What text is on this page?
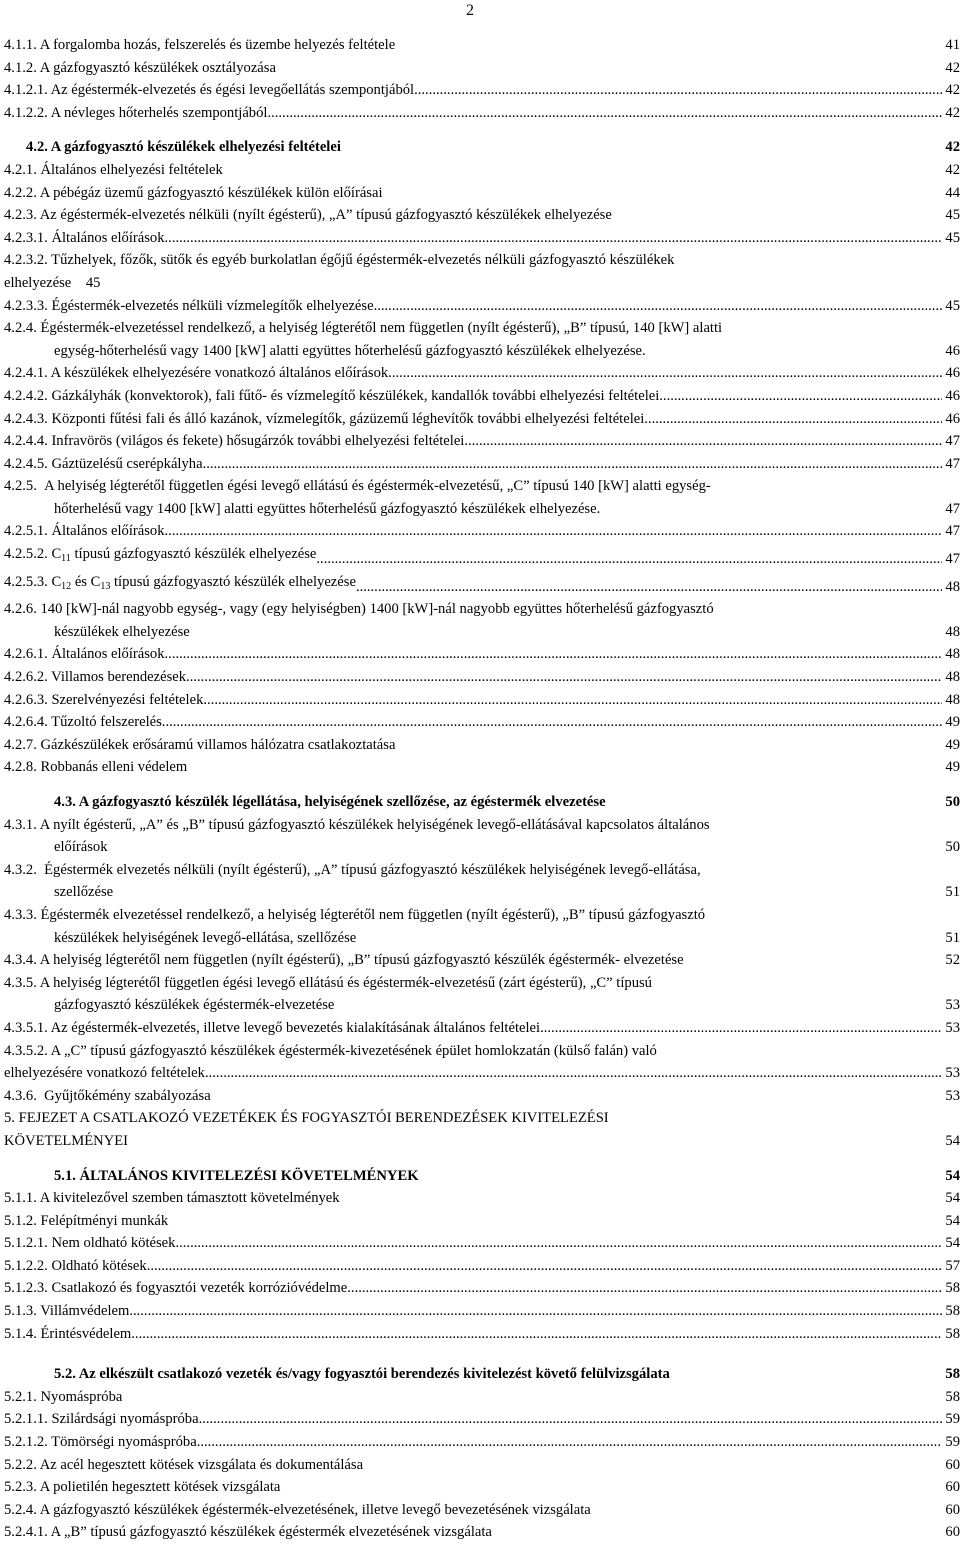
2
4.1.1. A forgalomba hozás, felszerelés és üzembe helyezés feltétele	41
4.1.2. A gázfogyasztó készülékek osztályozása	42
4.1.2.1. Az égéstermék-elvezetés és égési levegőellátás szempontjából .....	42
4.1.2.2. A névleges hőterhelés szempontjából .....	42
4.2. A gázfogyasztó készülékek elhelyezési feltételei	42
4.2.1. Általános elhelyezési feltételek	42
4.2.2. A pébégáz üzemű gázfogyasztó készülékek külön előírásai	44
4.2.3. Az égéstermék-elvezetés nélküli (nyílt égésterű), „A” típusú gázfogyasztó készülékek elhelyezése	45
4.2.3.1. Általános előírások .....	45
4.2.3.2. Tűzhelyek, főzők, sütők és egyéb burkolatlan égőjű égéstermék-elvezetés nélküli gázfogyasztó készülékek
elhelyezése 45
4.2.3.3. Égéstermék-elvezetés nélküli vízmelegítők elhelyezése .....	45
4.2.4. Égéstermék-elvezetéssel rendelkező, a helyiség légterétől nem független (nyílt égésterű), „B” típusú, 140 [kW] alatti
egység-hőterhelésű vagy 1400 [kW] alatti együttes hőterhelésű gázfogyasztó készülékek elhelyezése.	46
4.2.4.1. A készülékek elhelyezésére vonatkozó általános előírások .....	46
4.2.4.2. Gázkályhák (konvektorok), fali fűtő- és vízmelegítő készülékek, kandallók további elhelyezési feltételei .....	46
4.2.4.3. Központi fűtési fali és álló kazánok, vízmelegítők, gázüzemű léghevítők további elhelyezési feltételei .....	46
4.2.4.4. Infravörös (világos és fekete) hősugárzók további elhelyezési feltételei .....	47
4.2.4.5. Gáztüzelésű cserépkályha .....	47
4.2.5. A helyiség légterétől független égési levegő ellátású és égéstermék-elvezetésű, „C” típusú 140 [kW] alatti egység-
hőterhelésű vagy 1400 [kW] alatti együttes hőterhelésű gázfogyasztó készülékek elhelyezése.	47
4.2.5.1. Általános előírások .....	47
4.2.5.2. $C_{11}$ típusú gázfogyasztó készülék elhelyezése .....	47
4.2.5.3. $C_{12}$ és $C_{13}$ típusú gázfogyasztó készülék elhelyezése .....	48
4.2.6. 140 [kW]-nál nagyobb egység-, vagy (egy helyiségben) 1400 [kW]-nál nagyobb együttes hőterhelésű gázfogyasztó
készülékek elhelyezése	48
4.2.6.1. Általános előírások .....	48
4.2.6.2. Villamos berendezések .....	48
4.2.6.3. Szerelvényezési feltételek .....	48
4.2.6.4. Tűzoltó felszerelés .....	49
4.2.7. Gázkészülékek erősáramú villamos hálózatra csatlakoztatása	49
4.2.8. Robbanás elleni védelem	49
4.3. A gázfogyasztó készülék légellátása, helyiségének szellőzése, az égéstermék elvezetése	50
4.3.1. A nyílt égésterű, „A” és „B” típusú gázfogyasztó készülékek helyiségének levegő-ellátásával kapcsolatos általános
előírások	50
4.3.2. Égéstermék elvezetés nélküli (nyílt égésterű), „A” típusú gázfogyasztó készülékek helyiségének levegő-ellátása,
szellőzése	51
4.3.3. Égéstermék elvezetéssel rendelkező, a helyiség légterétől nem független (nyílt égésterű), „B” típusú gázfogyasztó
készülékek helyiségének levegő-ellátása, szellőzése	51
4.3.4. A helyiség légterétől nem független (nyílt égésterű), „B” típusú gázfogyasztó készülék égéstermék- elvezetése	52
4.3.5. A helyiség légterétől független égési levegő ellátású és égéstermék-elvezetésű (zárt égésterű), „C” típusú
gázfogyasztó készülékek égéstermék-elvezetése	53
4.3.5.1. Az égéstermék-elvezetés, illetve levegő bevezetés kialakításának általános feltételei .....	53
4.3.5.2. A „C” típusú gázfogyasztó készülékek égéstermék-kivezetésének épület homlokzatán (külső falán) való
elhelyezésére vonatkozó feltételek .....	53
4.3.6. Gyűjtőkémény szabályozása	53
5. FEJEZET A CSATLAKOZÓ VEZETÉKEK ÉS FOGYASZTÓI BERENDEZÉSEK KIVITELEZÉSI
KÖVETELMÉNYEI	54
5.1. ÁLTALÁNOS KIVITELEZÉSI KÖVETELMÉNYEK	54
5.1.1. A kivitelezővel szemben támasztott követelmények	54
5.1.2. Felépítményi munkák	54
5.1.2.1. Nem oldható kötések .....	54
5.1.2.2. Oldható kötések .....	57
5.1.2.3. Csatlakozó és fogyasztói vezeték korrózióvédelme .....	58
5.1.3. Villámvédelem .....	58
5.1.4. Érintésvédelem .....	58
5.2. Az elkészült csatlakozó vezeték és/vagy fogyasztói berendezés kivitelezést követő felülvizsgálata	58
5.2.1. Nyomáspróba	58
5.2.1.1. Szilárdsági nyomáspróba .....	59
5.2.1.2. Tömörségi nyomáspróba .....	59
5.2.2. Az acél hegesztett kötések vizsgálata és dokumentálása	60
5.2.3. A polietilén hegesztett kötések vizsgálata	60
5.2.4. A gázfogyasztó készülékek égéstermék-elvezetésének, illetve levegő bevezetésének vizsgálata	60
5.2.4.1. A „B” típusú gázfogyasztó készülékek égéstermék elvezetésének vizsgálata	60
